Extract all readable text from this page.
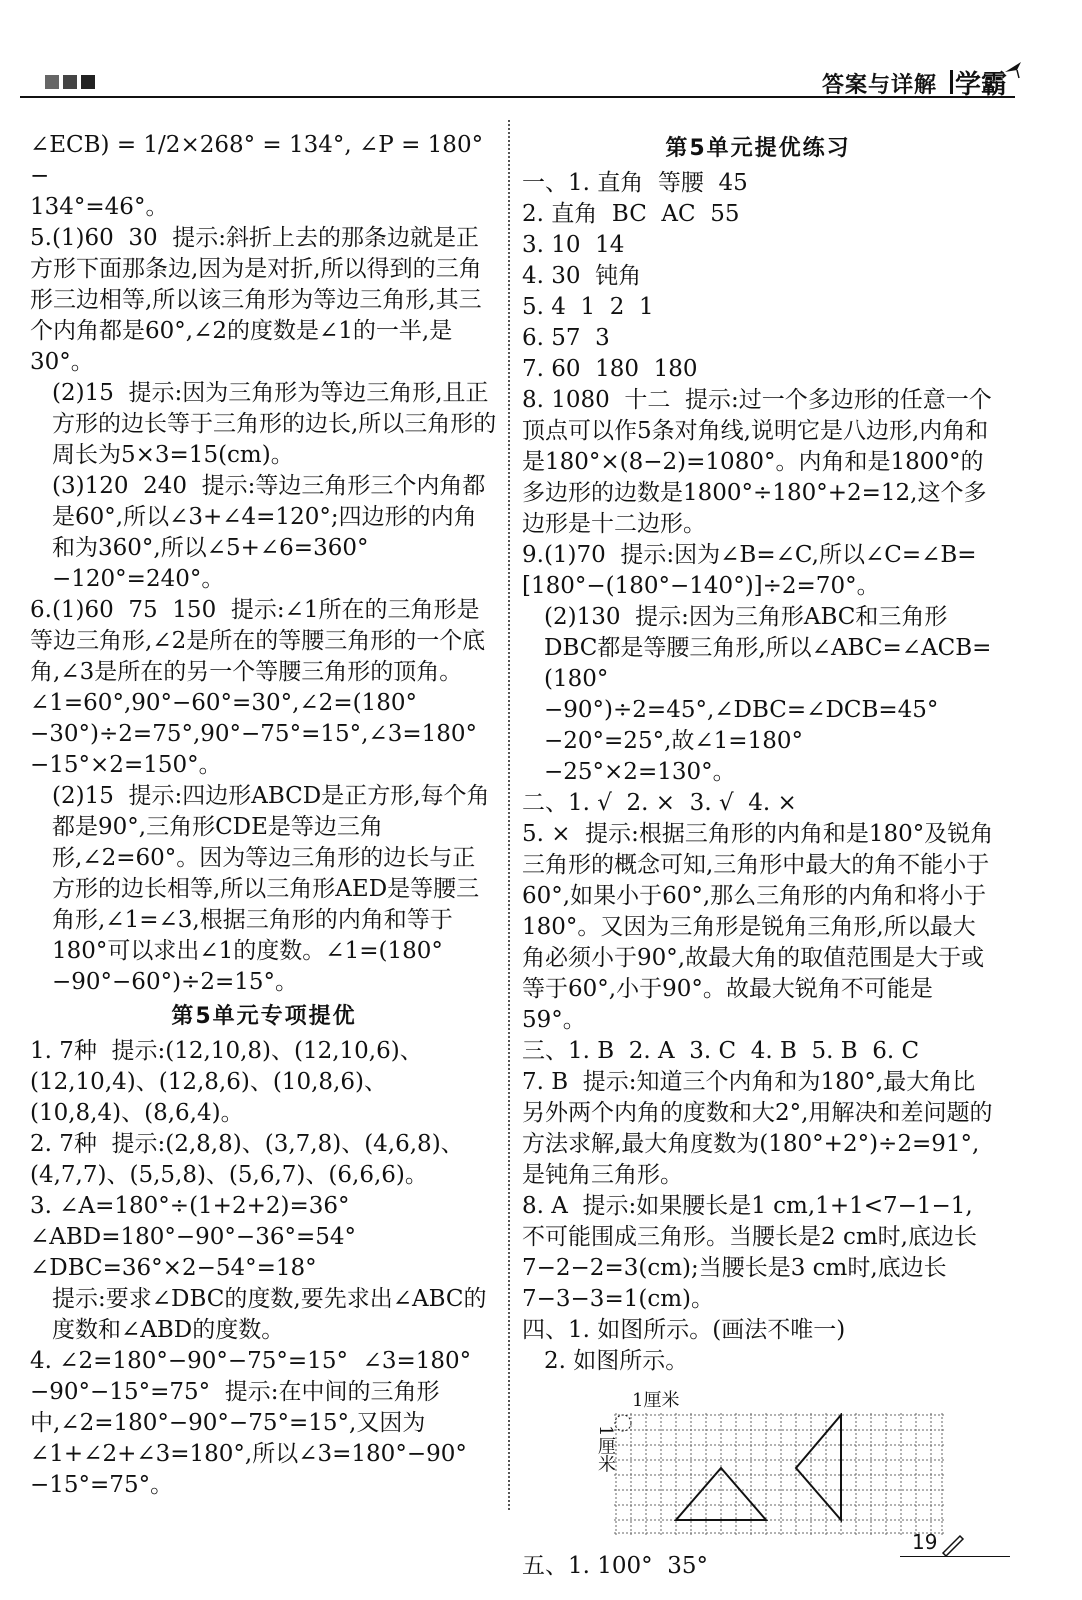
答案与详解 学霸

∠ECB) = 1/2×268° = 134°, ∠P = 180° −

134°=46°。

5.(1)60  30  提示:斜折上去的那条边就是正方形下面那条边,因为是对折,所以得到的三角形三边相等,所以该三角形为等边三角形,其三个内角都是60°,∠2的度数是∠1的一半,是30°。

(2)15  提示:因为三角形为等边三角形,且正方形的边长等于三角形的边长,所以三角形的周长为5×3=15(cm)。

(3)120  240  提示:等边三角形三个内角都是60°,所以∠3+∠4=120°;四边形的内角和为360°,所以∠5+∠6=360°−120°=240°。

6.(1)60  75  150  提示:∠1所在的三角形是等边三角形,∠2是所在的等腰三角形的一个底角,∠3是所在的另一个等腰三角形的顶角。∠1=60°,90°−60°=30°,∠2=(180°−30°)÷2=75°,90°−75°=15°,∠3=180°−15°×2=150°。

(2)15  提示:四边形ABCD是正方形,每个角都是90°,三角形CDE是等边三角形,∠2=60°。因为等边三角形的边长与正方形的边长相等,所以三角形AED是等腰三角形,∠1=∠3,根据三角形的内角和等于180°可以求出∠1的度数。∠1=(180°−90°−60°)÷2=15°。

第5单元专项提优

1. 7种  提示:(12,10,8)、(12,10,6)、(12,10,4)、(12,8,6)、(10,8,6)、(10,8,4)、(8,6,4)。

2. 7种  提示:(2,8,8)、(3,7,8)、(4,6,8)、(4,7,7)、(5,5,8)、(5,6,7)、(6,6,6)。

3. ∠A=180°÷(1+2+2)=36°  ∠ABD=180°−90°−36°=54°  ∠DBC=36°×2−54°=18°

提示:要求∠DBC的度数,要先求出∠ABC的度数和∠ABD的度数。

4. ∠2=180°−90°−75°=15°  ∠3=180°−90°−15°=75°  提示:在中间的三角形中,∠2=180°−90°−75°=15°,又因为∠1+∠2+∠3=180°,所以∠3=180°−90°−15°=75°。

第5单元提优练习

一、1. 直角  等腰  45

2. 直角  BC  AC  55

3. 10  14

4. 30  钝角

5. 4  1  2  1

6. 57  3

7. 60  180  180

8. 1080  十二  提示:过一个多边形的任意一个顶点可以作5条对角线,说明它是八边形,内角和是180°×(8−2)=1080°。内角和是1800°的多边形的边数是1800°÷180°+2=12,这个多边形是十二边形。

9.(1)70  提示:因为∠B=∠C,所以∠C=∠B=[180°−(180°−140°)]÷2=70°。

(2)130  提示:因为三角形ABC和三角形DBC都是等腰三角形,所以∠ABC=∠ACB=(180°−90°)÷2=45°,∠DBC=∠DCB=45°−20°=25°,故∠1=180°−25°×2=130°。

二、1. √  2. ×  3. √  4. ×

5. ×  提示:根据三角形的内角和是180°及锐角三角形的概念可知,三角形中最大的角不能小于60°,如果小于60°,那么三角形的内角和将小于180°。又因为三角形是锐角三角形,所以最大角必须小于90°,故最大角的取值范围是大于或等于60°,小于90°。故最大锐角不可能是59°。

三、1. B  2. A  3. C  4. B  5. B  6. C

7. B  提示:知道三个内角和为180°,最大角比另外两个内角的度数和大2°,用解决和差问题的方法求解,最大角度数为(180°+2°)÷2=91°,是钝角三角形。

8. A  提示:如果腰长是1 cm,1+1<7−1−1,不可能围成三角形。当腰长是2 cm时,底边长7−2−2=3(cm);当腰长是3 cm时,底边长7−3−3=1(cm)。

四、1. 如图所示。(画法不唯一)

2. 如图所示。

1厘米
1厘米

五、1. 100°  35°

19
